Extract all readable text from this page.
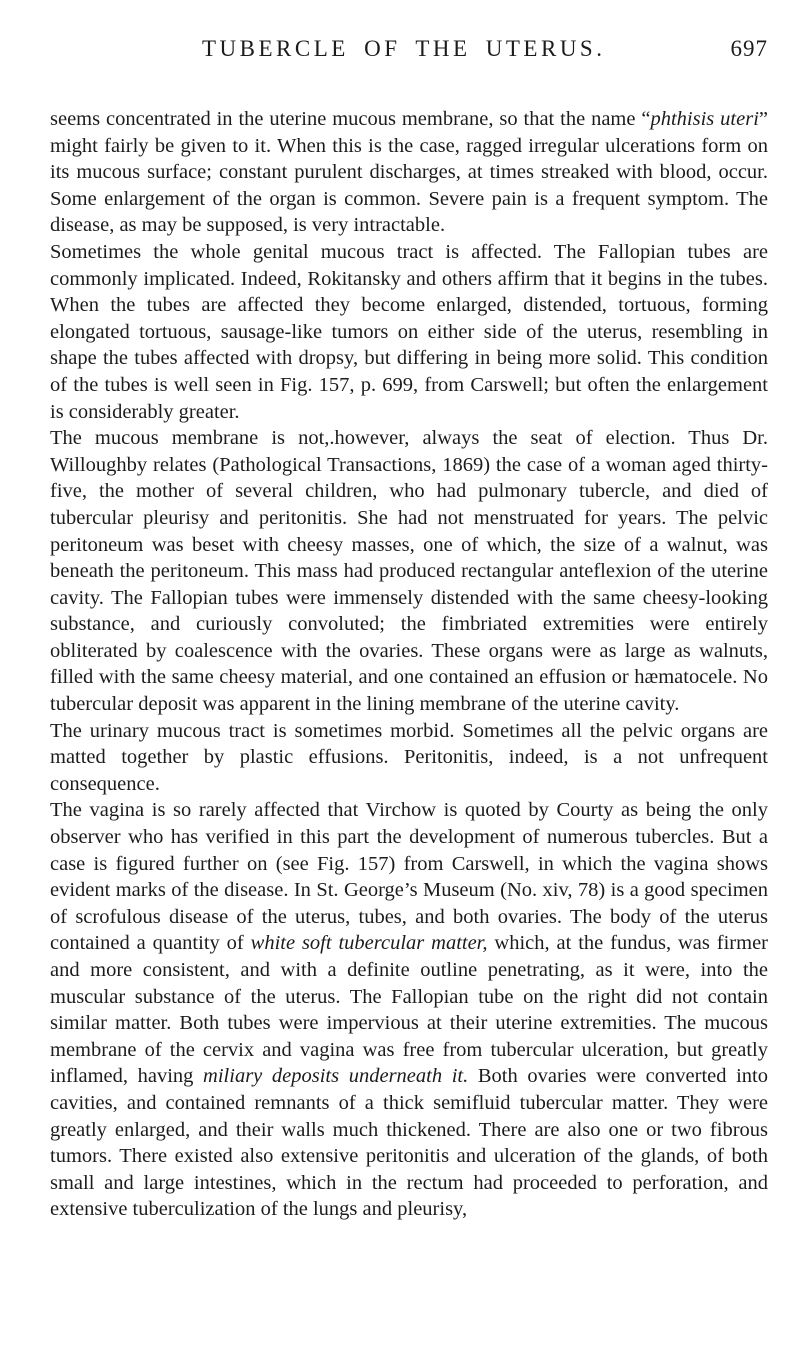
TUBERCLE OF THE UTERUS.	697

seems concentrated in the uterine mucous membrane, so that the name “phthisis uteri” might fairly be given to it. When this is the case, ragged irregular ulcerations form on its mucous surface; constant purulent discharges, at times streaked with blood, occur. Some enlargement of the organ is common. Severe pain is a frequent symptom. The disease, as may be supposed, is very intractable.

Sometimes the whole genital mucous tract is affected. The Fallopian tubes are commonly implicated. Indeed, Rokitansky and others affirm that it begins in the tubes. When the tubes are affected they become enlarged, distended, tortuous, forming elongated tortuous, sausage-like tumors on either side of the uterus, resembling in shape the tubes affected with dropsy, but differing in being more solid. This condition of the tubes is well seen in Fig. 157, p. 699, from Carswell; but often the enlargement is considerably greater.

The mucous membrane is not,.however, always the seat of election. Thus Dr. Willoughby relates (Pathological Transactions, 1869) the case of a woman aged thirty-five, the mother of several children, who had pulmonary tubercle, and died of tubercular pleurisy and peritonitis. She had not menstruated for years. The pelvic peritoneum was beset with cheesy masses, one of which, the size of a walnut, was beneath the peritoneum. This mass had produced rectangular anteflexion of the uterine cavity. The Fallopian tubes were immensely distended with the same cheesy-looking substance, and curiously convoluted; the fimbriated extremities were entirely obliterated by coalescence with the ovaries. These organs were as large as walnuts, filled with the same cheesy material, and one contained an effusion or hæmatocele. No tubercular deposit was apparent in the lining membrane of the uterine cavity.

The urinary mucous tract is sometimes morbid. Sometimes all the pelvic organs are matted together by plastic effusions. Peritonitis, indeed, is a not unfrequent consequence.

The vagina is so rarely affected that Virchow is quoted by Courty as being the only observer who has verified in this part the development of numerous tubercles. But a case is figured further on (see Fig. 157) from Carswell, in which the vagina shows evident marks of the disease. In St. George’s Museum (No. xiv, 78) is a good specimen of scrofulous disease of the uterus, tubes, and both ovaries. The body of the uterus contained a quantity of white soft tubercular matter, which, at the fundus, was firmer and more consistent, and with a definite outline penetrating, as it were, into the muscular substance of the uterus. The Fallopian tube on the right did not contain similar matter. Both tubes were impervious at their uterine extremities. The mucous membrane of the cervix and vagina was free from tubercular ulceration, but greatly inflamed, having miliary deposits underneath it. Both ovaries were converted into cavities, and contained remnants of a thick semifluid tubercular matter. They were greatly enlarged, and their walls much thickened. There are also one or two fibrous tumors. There existed also extensive peritonitis and ulceration of the glands, of both small and large intestines, which in the rectum had proceeded to perforation, and extensive tuberculization of the lungs and pleurisy,
